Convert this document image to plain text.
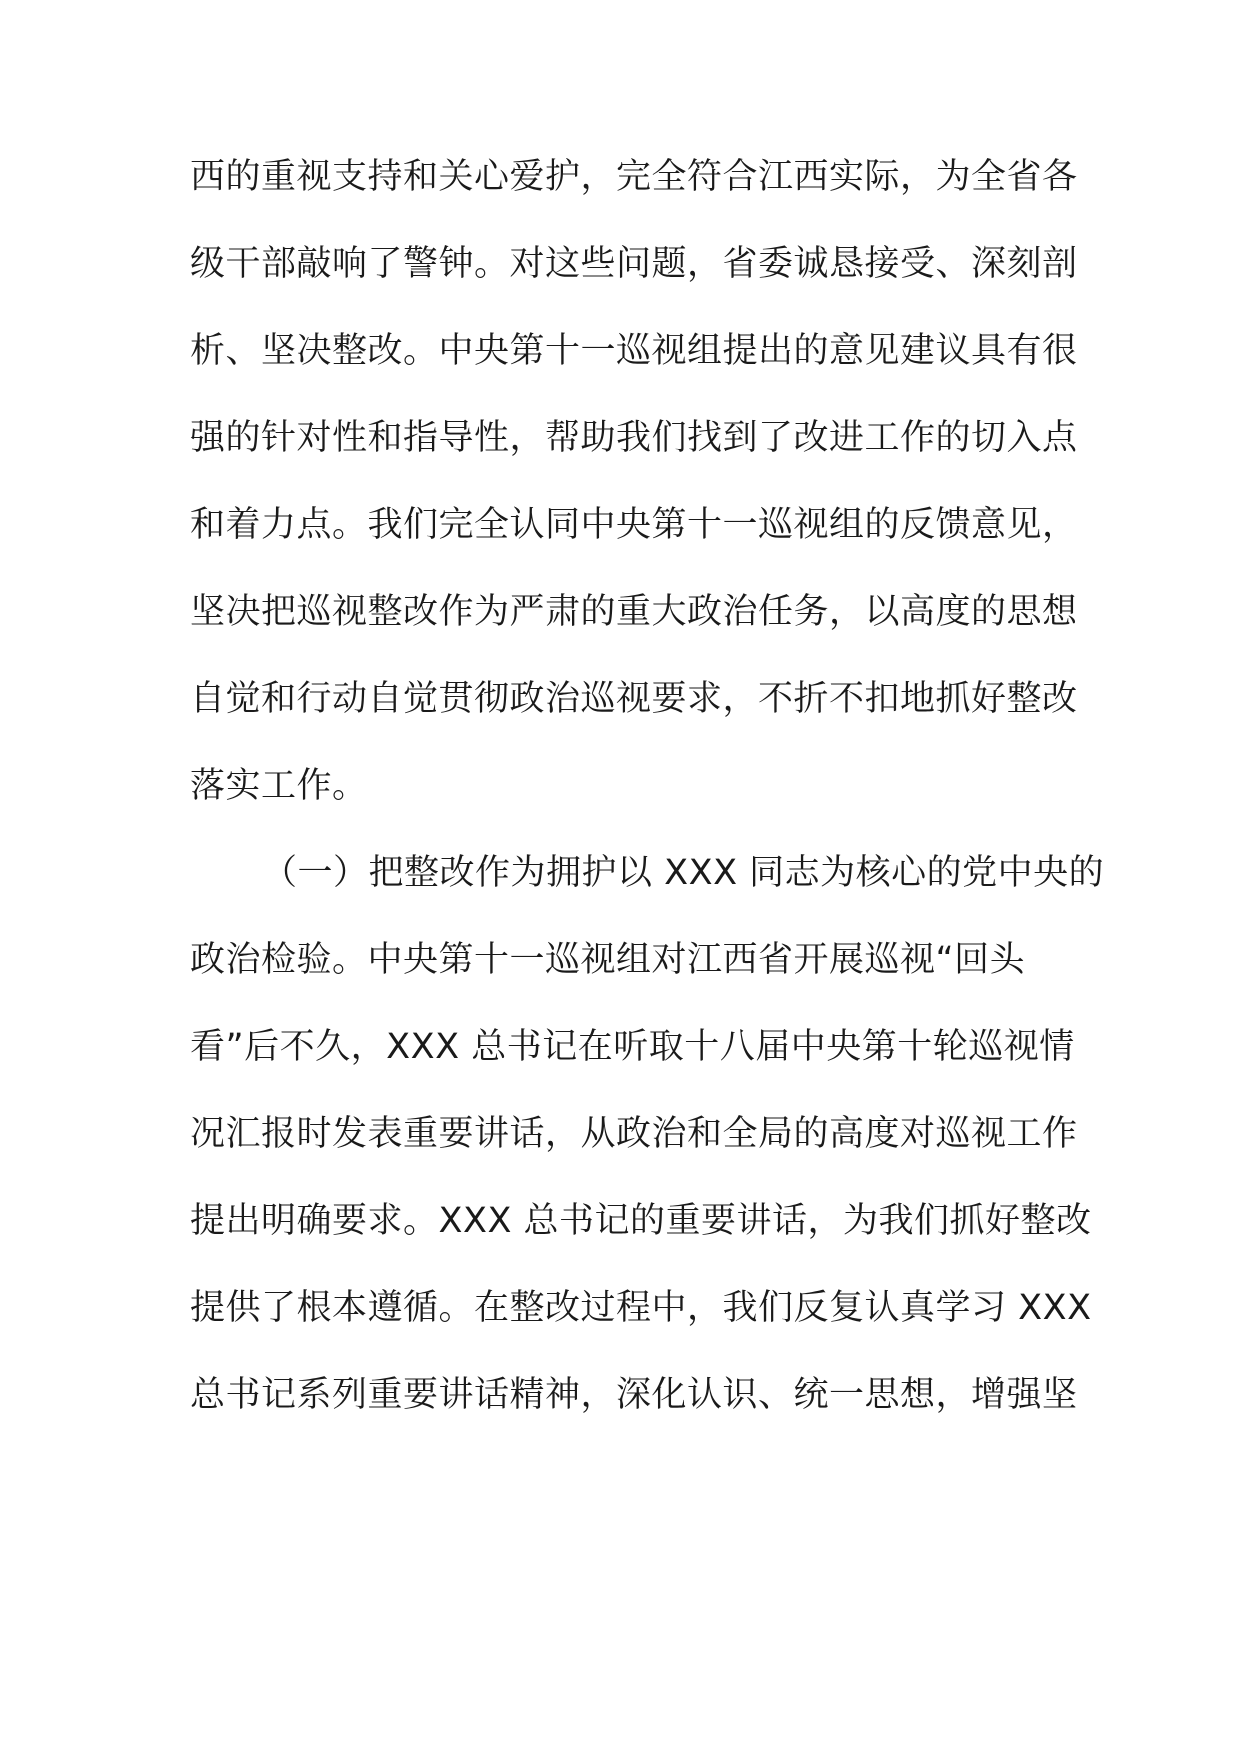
西的重视支持和关心爱护，完全符合江西实际，为全省各
级干部敲响了警钟。对这些问题，省委诚恳接受、深刻剖
析、坚决整改。中央第十一巡视组提出的意见建议具有很
强的针对性和指导性，帮助我们找到了改进工作的切入点
和着力点。我们完全认同中央第十一巡视组的反馈意见，
坚决把巡视整改作为严肃的重大政治任务，以高度的思想
自觉和行动自觉贯彻政治巡视要求，不折不扣地抓好整改
落实工作。
（一）把整改作为拥护以 XXX 同志为核心的党中央的
政治检验。中央第十一巡视组对江西省开展巡视“回头
看”后不久，XXX 总书记在听取十八届中央第十轮巡视情
况汇报时发表重要讲话，从政治和全局的高度对巡视工作
提出明确要求。XXX 总书记的重要讲话，为我们抓好整改
提供了根本遵循。在整改过程中，我们反复认真学习 XXX
总书记系列重要讲话精神，深化认识、统一思想，增强坚
